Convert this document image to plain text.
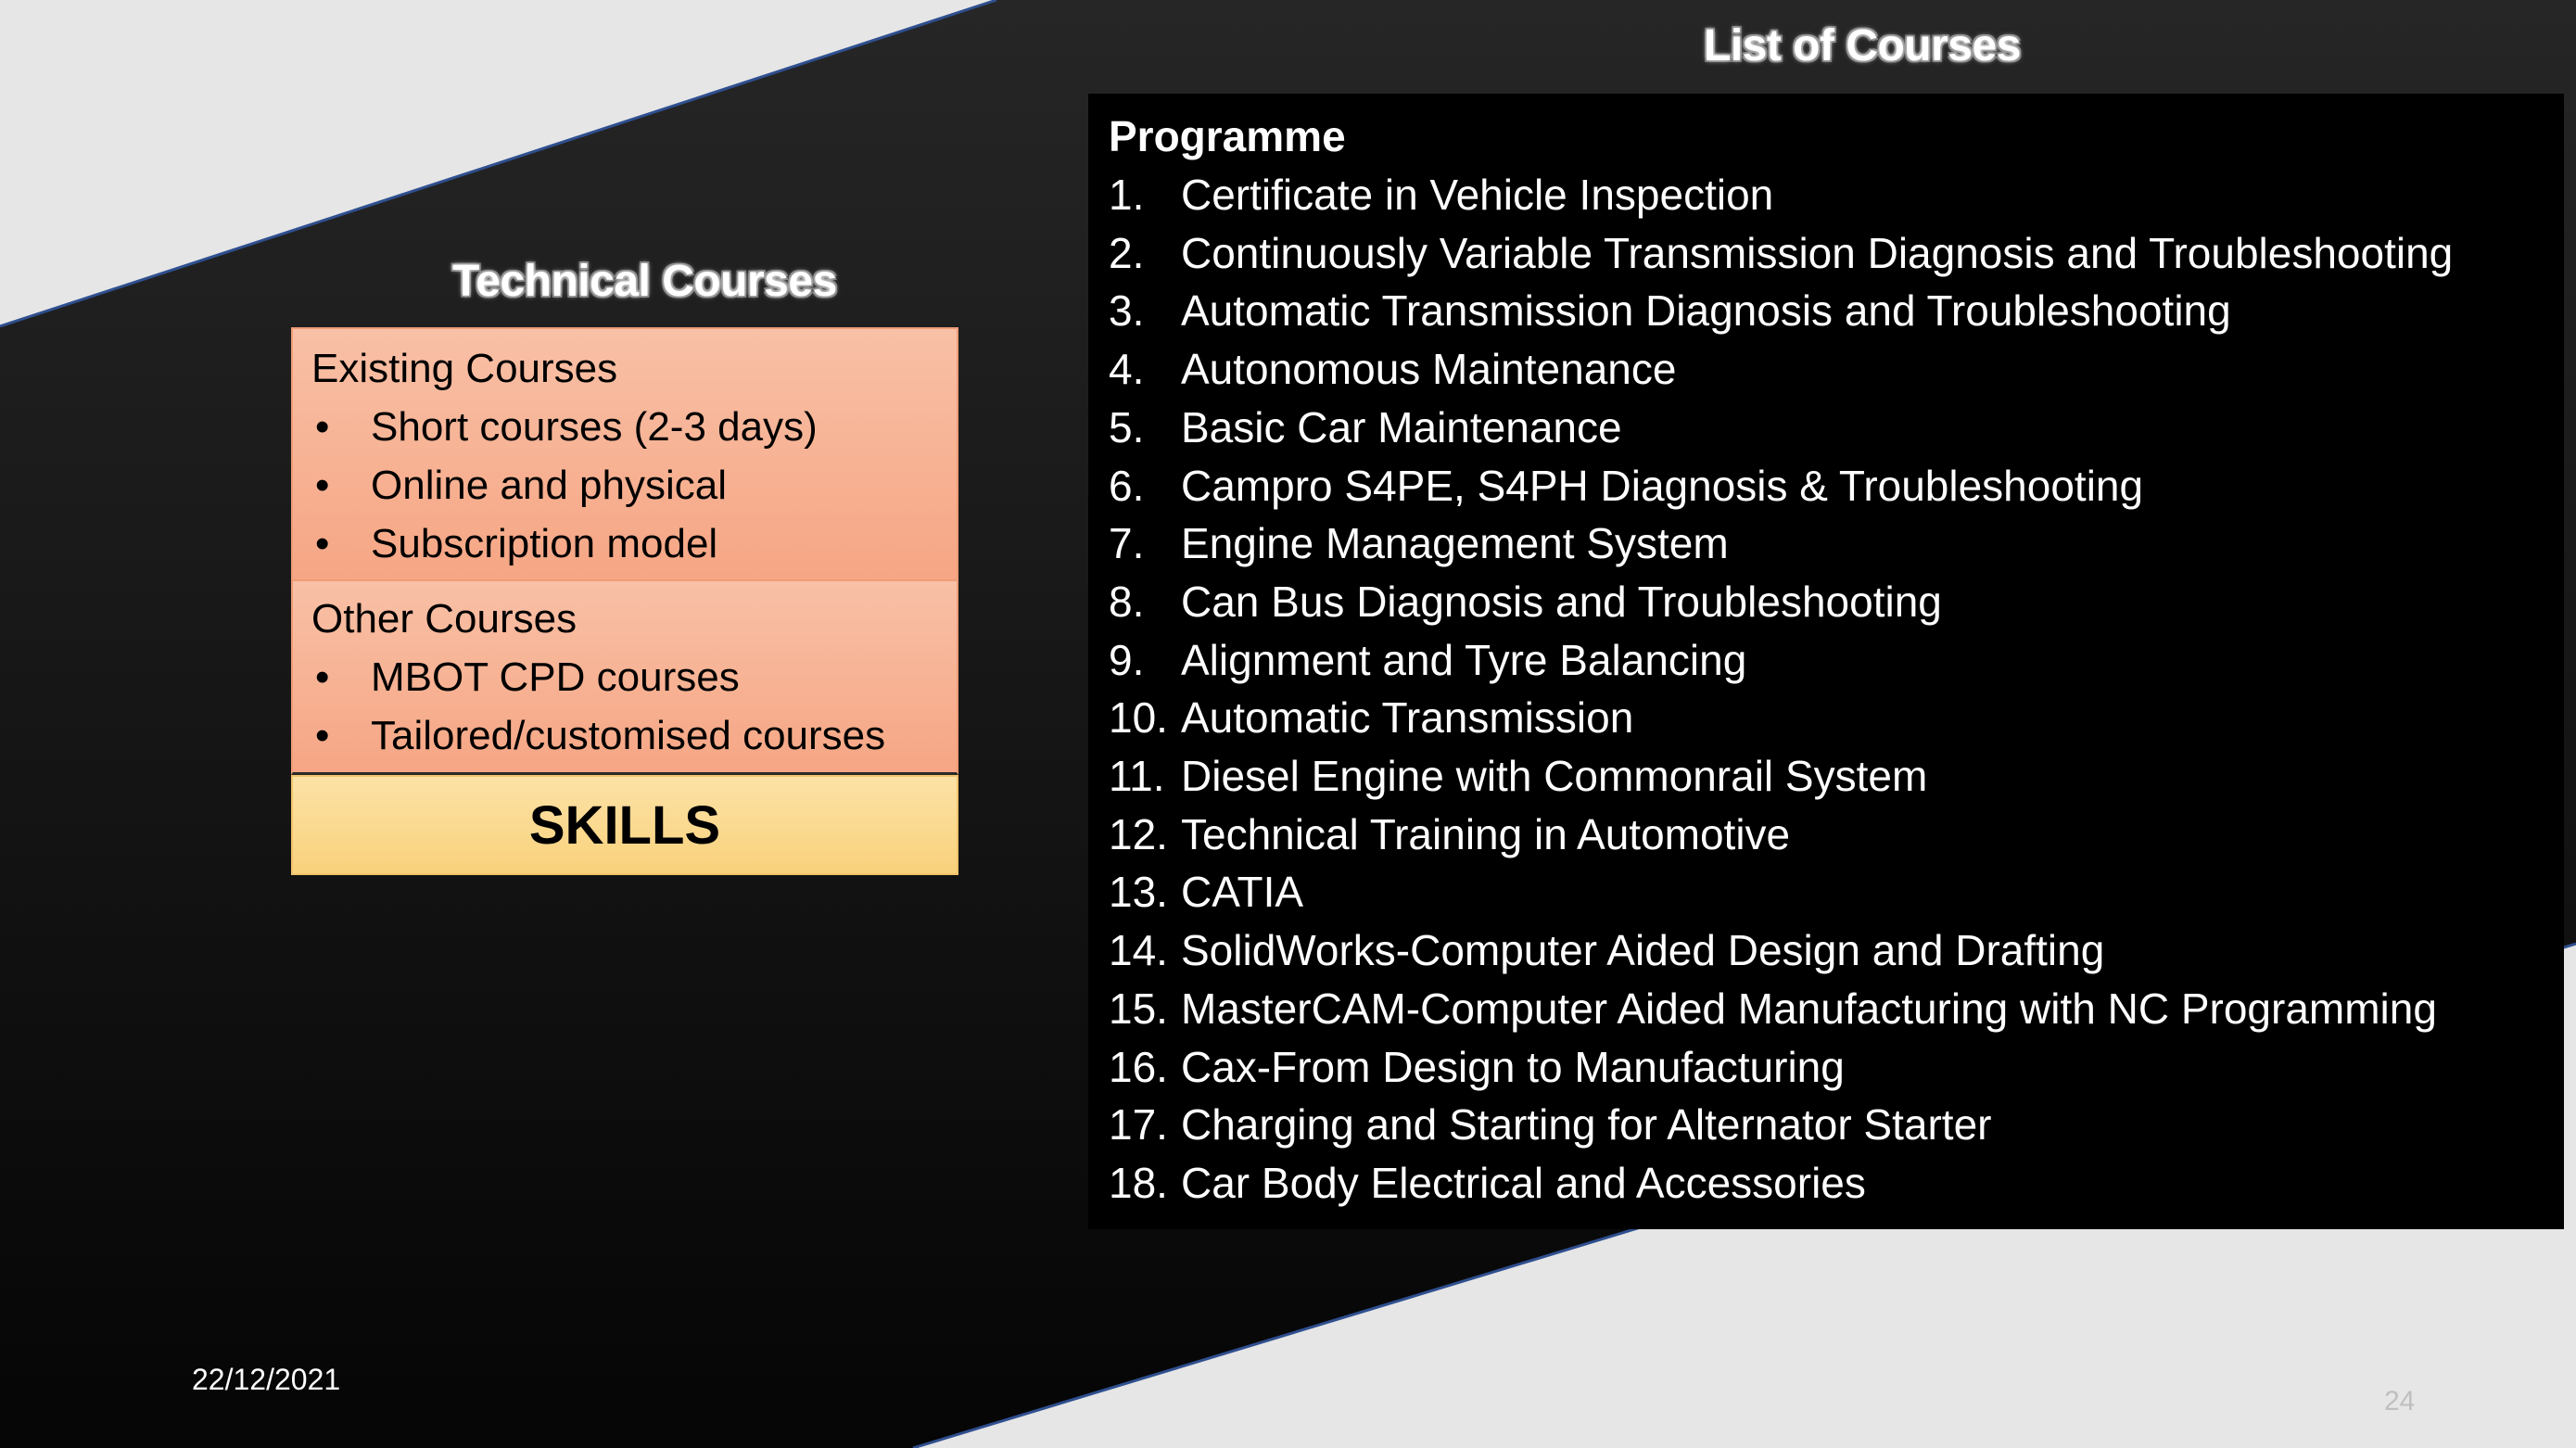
Technical Courses
Existing Courses
• Short courses (2-3 days)
• Online and physical
• Subscription model
Other Courses
• MBOT CPD courses
• Tailored/customised courses
SKILLS
List of Courses
Programme
1. Certificate in Vehicle Inspection
2. Continuously Variable Transmission Diagnosis and Troubleshooting
3. Automatic Transmission Diagnosis and Troubleshooting
4. Autonomous Maintenance
5. Basic Car Maintenance
6. Campro S4PE, S4PH Diagnosis & Troubleshooting
7. Engine Management System
8. Can Bus Diagnosis and Troubleshooting
9. Alignment and Tyre Balancing
10. Automatic Transmission
11. Diesel Engine with Commonrail System
12. Technical Training in Automotive
13. CATIA
14. SolidWorks-Computer Aided Design and Drafting
15. MasterCAM-Computer Aided Manufacturing with NC Programming
16. Cax-From Design to Manufacturing
17. Charging and Starting for Alternator Starter
18. Car Body Electrical and Accessories
22/12/2021
24
